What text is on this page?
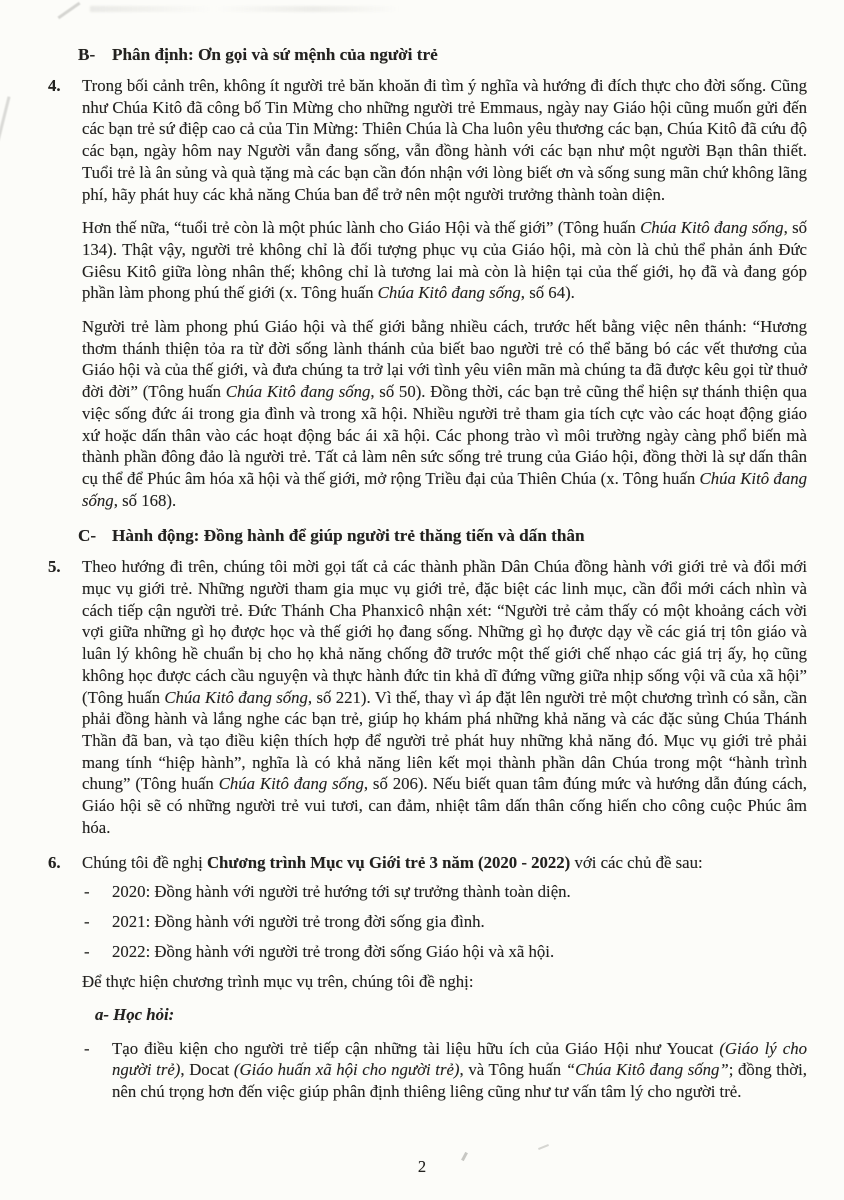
B- Phân định: Ơn gọi và sứ mệnh của người trẻ
4.	Trong bối cảnh trên, không ít người trẻ băn khoăn đi tìm ý nghĩa và hướng đi đích thực cho đời sống. Cũng như Chúa Kitô đã công bố Tin Mừng cho những người trẻ Emmaus, ngày nay Giáo hội cũng muốn gửi đến các bạn trẻ sứ điệp cao cả của Tin Mừng: Thiên Chúa là Cha luôn yêu thương các bạn, Chúa Kitô đã cứu độ các bạn, ngày hôm nay Người vẫn đang sống, vẫn đồng hành với các bạn như một người Bạn thân thiết. Tuổi trẻ là ân sủng và quà tặng mà các bạn cần đón nhận với lòng biết ơn và sống sung mãn chứ không lãng phí, hãy phát huy các khả năng Chúa ban để trở nên một người trưởng thành toàn diện.

Hơn thế nữa, “tuổi trẻ còn là một phúc lành cho Giáo Hội và thế giới” (Tông huấn Chúa Kitô đang sống, số 134). Thật vậy, người trẻ không chỉ là đối tượng phục vụ của Giáo hội, mà còn là chủ thể phản ánh Đức Giêsu Kitô giữa lòng nhân thế; không chỉ là tương lai mà còn là hiện tại của thế giới, họ đã và đang góp phần làm phong phú thế giới (x. Tông huấn Chúa Kitô đang sống, số 64).

Người trẻ làm phong phú Giáo hội và thế giới bằng nhiều cách, trước hết bằng việc nên thánh: “Hương thơm thánh thiện tỏa ra từ đời sống lành thánh của biết bao người trẻ có thể băng bó các vết thương của Giáo hội và của thế giới, và đưa chúng ta trở lại với tình yêu viên mãn mà chúng ta đã được kêu gọi từ thuở đời đời” (Tông huấn Chúa Kitô đang sống, số 50). Đồng thời, các bạn trẻ cũng thể hiện sự thánh thiện qua việc sống đức ái trong gia đình và trong xã hội. Nhiều người trẻ tham gia tích cực vào các hoạt động giáo xứ hoặc dấn thân vào các hoạt động bác ái xã hội. Các phong trào vì môi trường ngày càng phổ biến mà thành phần đông đảo là người trẻ. Tất cả làm nên sức sống trẻ trung của Giáo hội, đồng thời là sự dấn thân cụ thể để Phúc âm hóa xã hội và thế giới, mở rộng Triều đại của Thiên Chúa (x. Tông huấn Chúa Kitô đang sống, số 168).

C- Hành động: Đồng hành để giúp người trẻ thăng tiến và dấn thân
5.	Theo hướng đi trên, chúng tôi mời gọi tất cả các thành phần Dân Chúa đồng hành với giới trẻ và đổi mới mục vụ giới trẻ. Những người tham gia mục vụ giới trẻ, đặc biệt các linh mục, cần đổi mới cách nhìn và cách tiếp cận người trẻ. Đức Thánh Cha Phanxicô nhận xét: “Người trẻ cảm thấy có một khoảng cách vời vợi giữa những gì họ được học và thế giới họ đang sống. Những gì họ được dạy về các giá trị tôn giáo và luân lý không hề chuẩn bị cho họ khả năng chống đỡ trước một thế giới chế nhạo các giá trị ấy, họ cũng không học được cách cầu nguyện và thực hành đức tin khả dĩ đứng vững giữa nhịp sống vội vã của xã hội” (Tông huấn Chúa Kitô đang sống, số 221). Vì thế, thay vì áp đặt lên người trẻ một chương trình có sẵn, cần phải đồng hành và lắng nghe các bạn trẻ, giúp họ khám phá những khả năng và các đặc sủng Chúa Thánh Thần đã ban, và tạo điều kiện thích hợp để người trẻ phát huy những khả năng đó. Mục vụ giới trẻ phải mang tính “hiệp hành”, nghĩa là có khả năng liên kết mọi thành phần dân Chúa trong một “hành trình chung” (Tông huấn Chúa Kitô đang sống, số 206). Nếu biết quan tâm đúng mức và hướng dẫn đúng cách, Giáo hội sẽ có những người trẻ vui tươi, can đảm, nhiệt tâm dấn thân cống hiến cho công cuộc Phúc âm hóa.

6.	Chúng tôi đề nghị Chương trình Mục vụ Giới trẻ 3 năm (2020 - 2022) với các chủ đề sau:

-	2020: Đồng hành với người trẻ hướng tới sự trưởng thành toàn diện.
-	2021: Đồng hành với người trẻ trong đời sống gia đình.
-	2022: Đồng hành với người trẻ trong đời sống Giáo hội và xã hội.

Để thực hiện chương trình mục vụ trên, chúng tôi đề nghị:

a- Học hỏi:

-	Tạo điều kiện cho người trẻ tiếp cận những tài liệu hữu ích của Giáo Hội như Youcat (Giáo lý cho người trẻ), Docat (Giáo huấn xã hội cho người trẻ), và Tông huấn “Chúa Kitô đang sống”; đồng thời, nên chú trọng hơn đến việc giúp phân định thiêng liêng cũng như tư vấn tâm lý cho người trẻ.
2
